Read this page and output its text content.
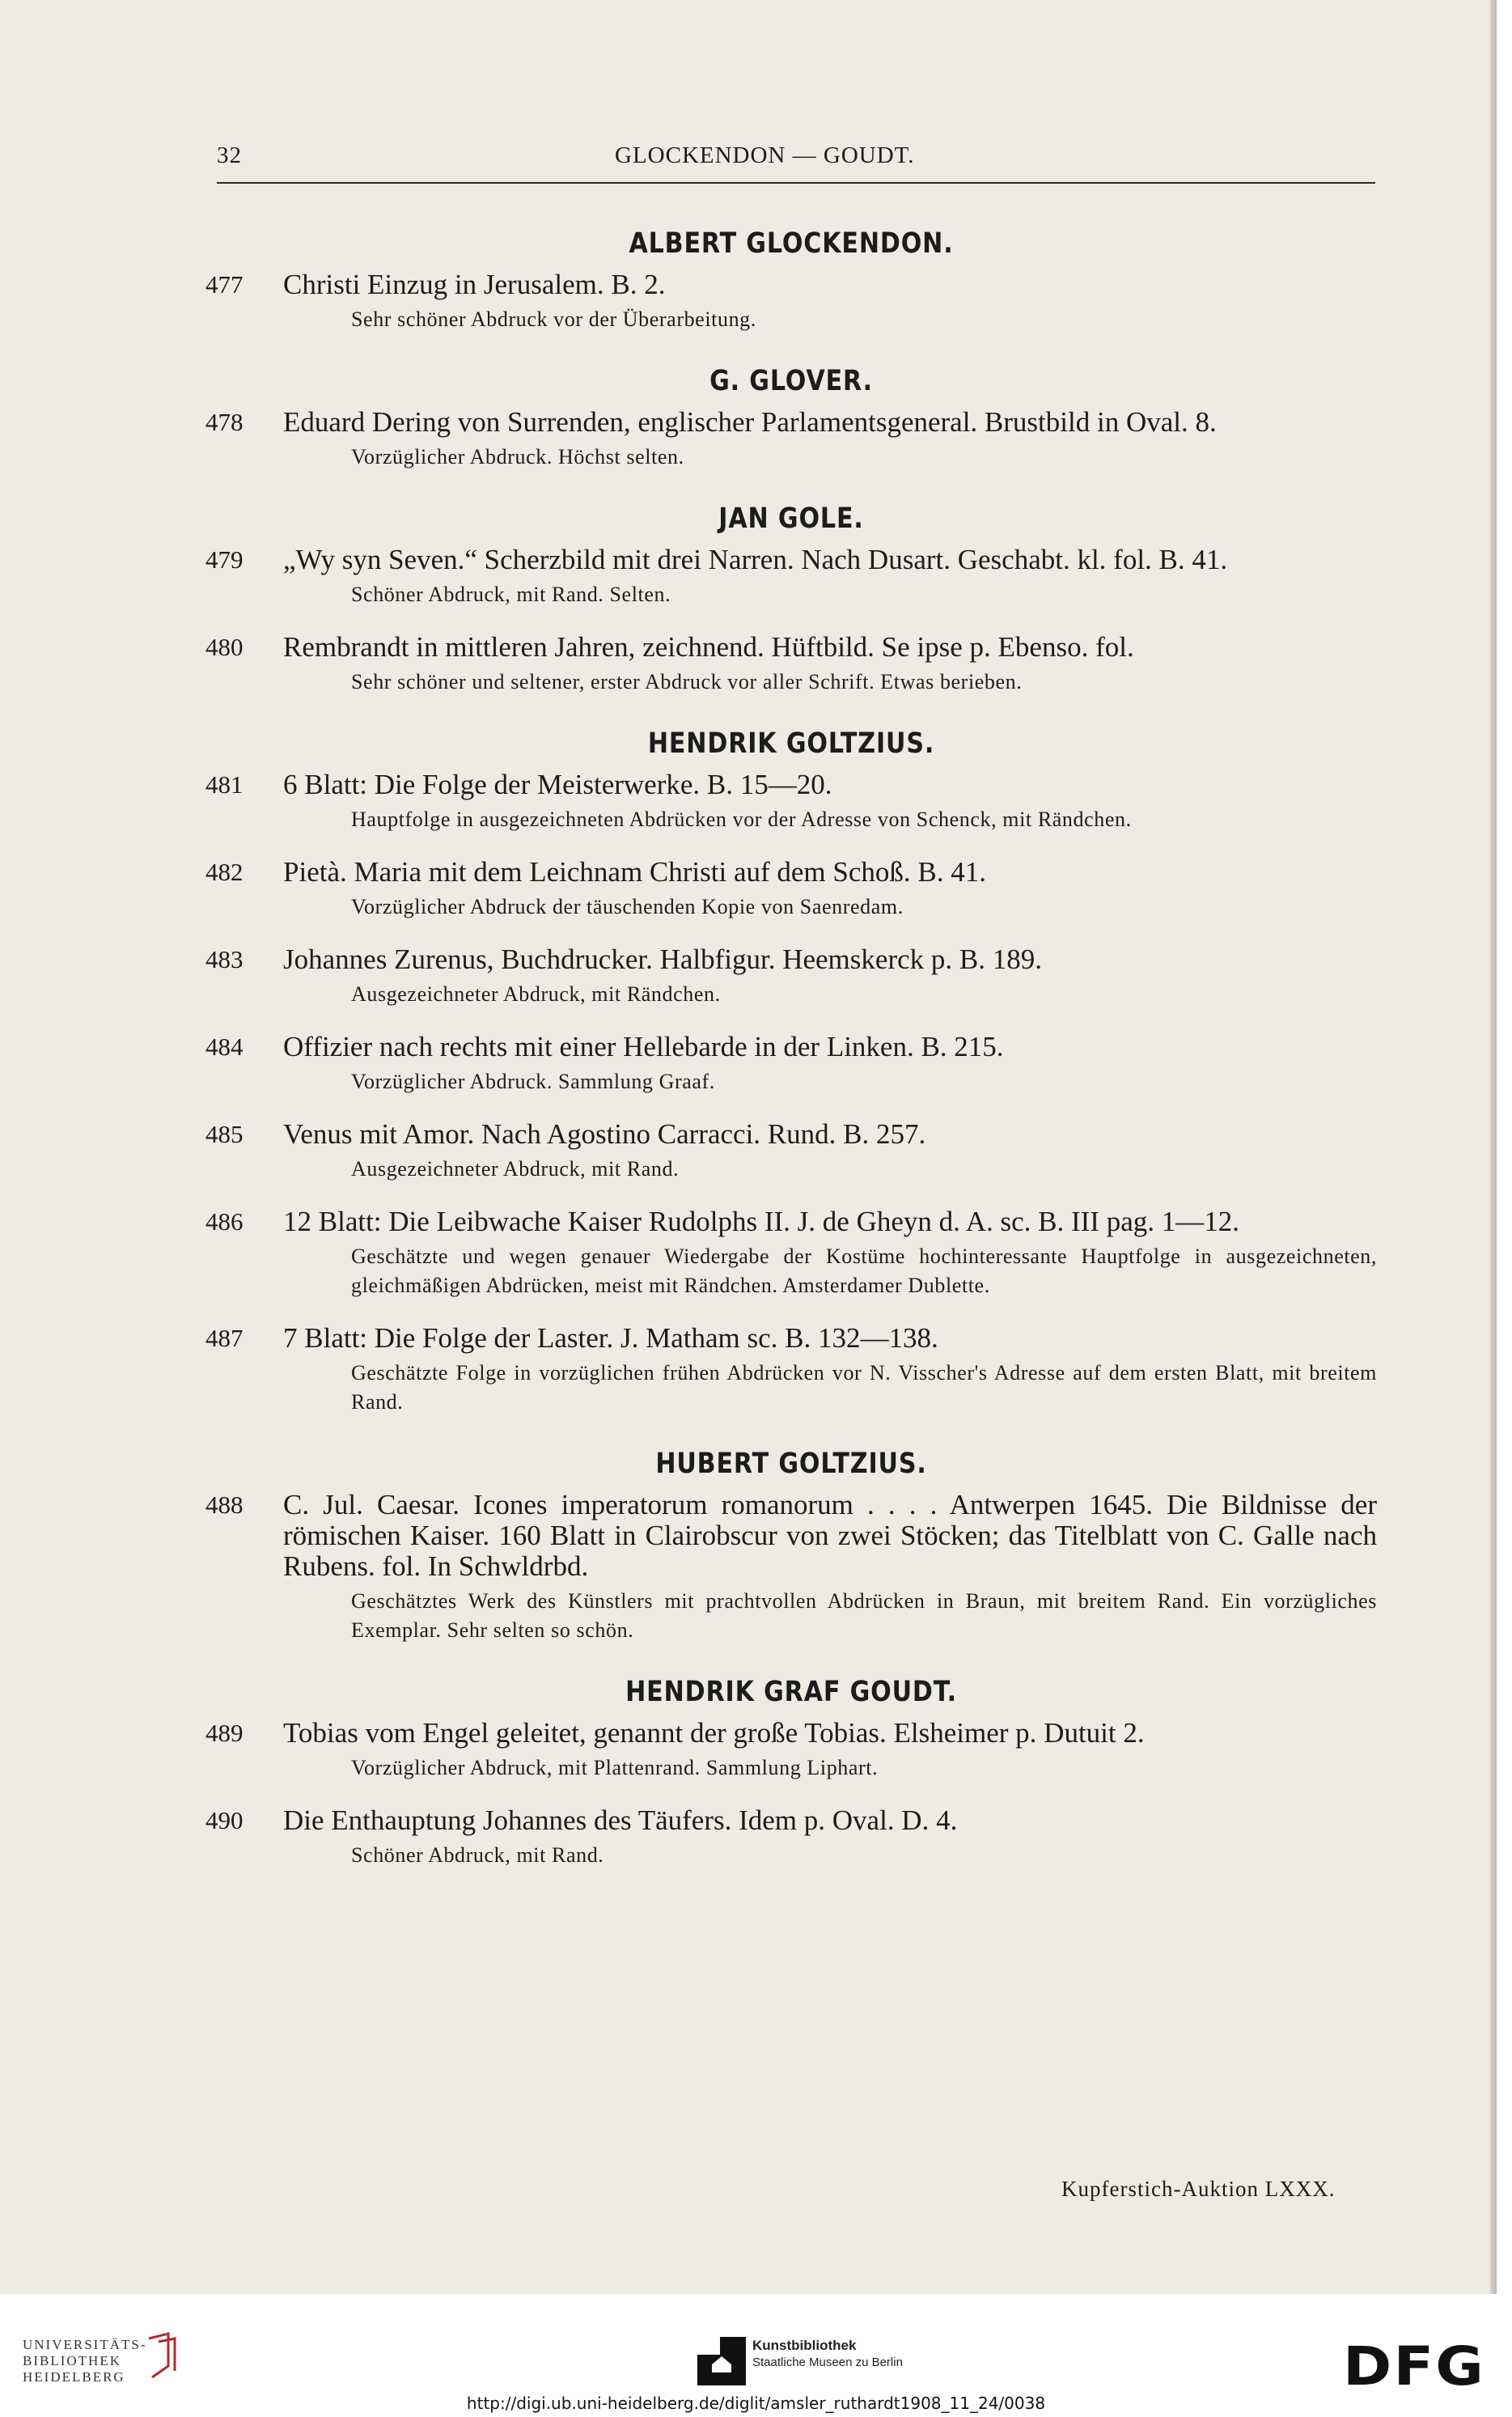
32	GLOCKENDON — GOUDT.
ALBERT GLOCKENDON.
477	Christi Einzug in Jerusalem. B. 2.
Sehr schöner Abdruck vor der Überarbeitung.
G. GLOVER.
478	Eduard Dering von Surrenden, englischer Parlamentsgeneral. Brustbild in Oval. 8.
Vorzüglicher Abdruck. Höchst selten.
JAN GOLE.
479	„Wy syn Seven.“ Scherzbild mit drei Narren. Nach Dusart. Geschabt. kl. fol. B. 41.
Schöner Abdruck, mit Rand. Selten.
480	Rembrandt in mittleren Jahren, zeichnend. Hüftbild. Se ipse p. Ebenso. fol.
Sehr schöner und seltener, erster Abdruck vor aller Schrift. Etwas berieben.
HENDRIK GOLTZIUS.
481	6 Blatt: Die Folge der Meisterwerke. B. 15—20.
Hauptfolge in ausgezeichneten Abdrücken vor der Adresse von Schenck, mit Rändchen.
482	Pietà. Maria mit dem Leichnam Christi auf dem Schoß. B. 41.
Vorzüglicher Abdruck der täuschenden Kopie von Saenredam.
483	Johannes Zurenus, Buchdrucker. Halbfigur. Heemskerck p. B. 189.
Ausgezeichneter Abdruck, mit Rändchen.
484	Offizier nach rechts mit einer Hellebarde in der Linken. B. 215.
Vorzüglicher Abdruck. Sammlung Graaf.
485	Venus mit Amor. Nach Agostino Carracci. Rund. B. 257.
Ausgezeichneter Abdruck, mit Rand.
486	12 Blatt: Die Leibwache Kaiser Rudolphs II. J. de Gheyn d. A. sc. B. III pag. 1—12.
Geschätzte und wegen genauer Wiedergabe der Kostüme hochinteressante Hauptfolge in ausgezeichneten, gleichmäßigen Abdrücken, meist mit Rändchen. Amsterdamer Dublette.
487	7 Blatt: Die Folge der Laster. J. Matham sc. B. 132—138.
Geschätzte Folge in vorzüglichen frühen Abdrücken vor N. Visscher's Adresse auf dem ersten Blatt, mit breitem Rand.
HUBERT GOLTZIUS.
488	C. Jul. Caesar. Icones imperatorum romanorum . . . . Antwerpen 1645. Die Bildnisse der römischen Kaiser. 160 Blatt in Clairobscur von zwei Stöcken; das Titelblatt von C. Galle nach Rubens. fol. In Schwldrbd.
Geschätztes Werk des Künstlers mit prachtvollen Abdrücken in Braun, mit breitem Rand. Ein vorzügliches Exemplar. Sehr selten so schön.
HENDRIK GRAF GOUDT.
489	Tobias vom Engel geleitet, genannt der große Tobias. Elsheimer p. Dutuit 2.
Vorzüglicher Abdruck, mit Plattenrand. Sammlung Liphart.
490	Die Enthauptung Johannes des Täufers. Idem p. Oval. D. 4.
Schöner Abdruck, mit Rand.
Kupferstich-Auktion LXXX.
UNIVERSITÄTS-
BIBLIOTHEK
HEIDELBERG
Kunstbibliothek
Staatliche Museen zu Berlin	DFG
http://digi.ub.uni-heidelberg.de/diglit/amsler_ruthardt1908_11_24/0038
